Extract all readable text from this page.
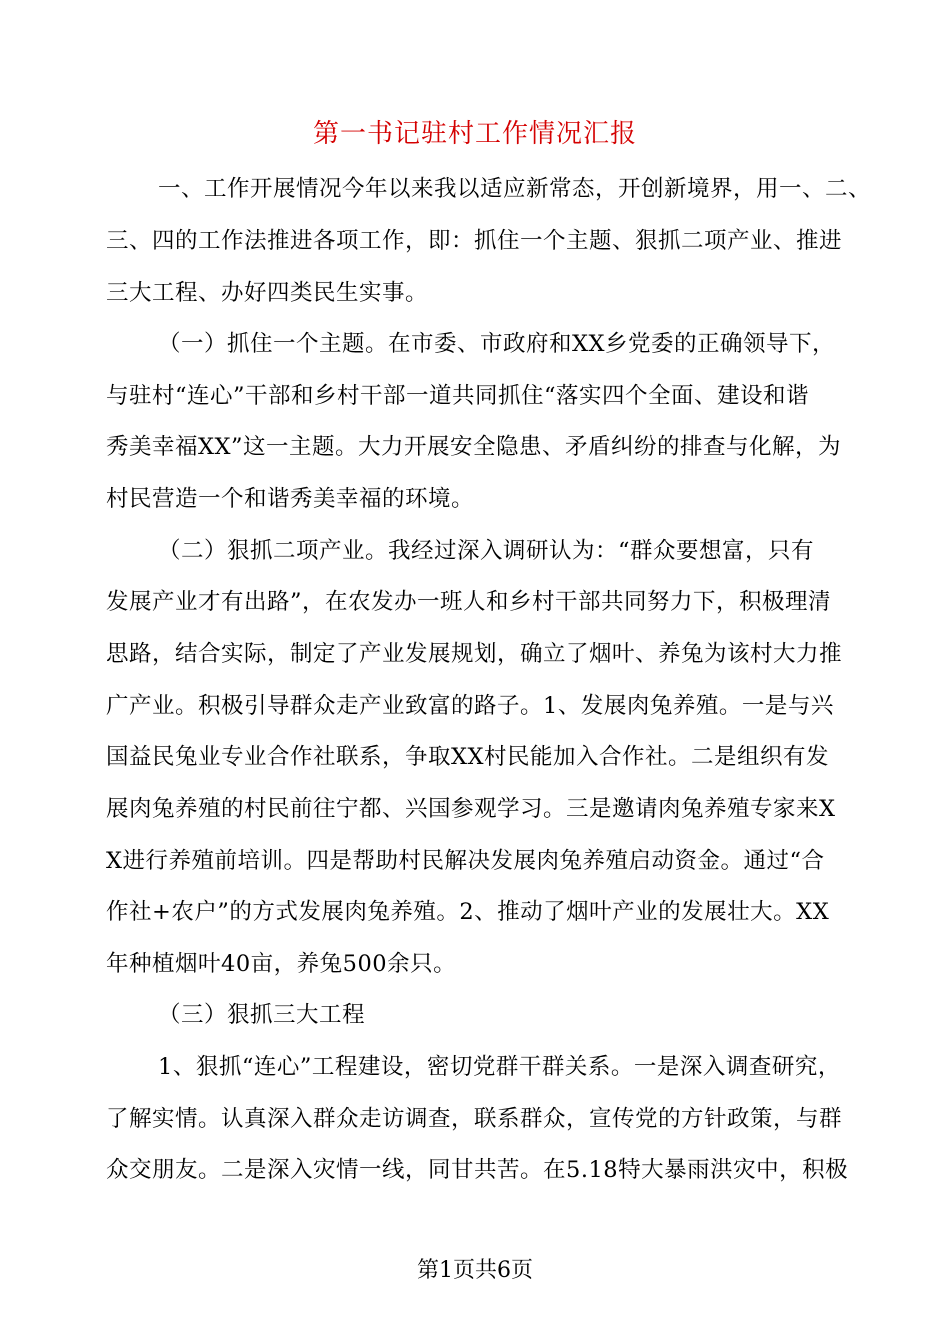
第一书记驻村工作情况汇报
一、工作开展情况今年以来我以适应新常态，开创新境界，用一、二、
三、四的工作法推进各项工作，即：抓住一个主题、狠抓二项产业、推进
三大工程、办好四类民生实事。
（一）抓住一个主题。在市委、市政府和XX乡党委的正确领导下，
与驻村“连心”干部和乡村干部一道共同抓住“落实四个全面、建设和谐
秀美幸福XX”这一主题。大力开展安全隐患、矛盾纠纷的排查与化解，为
村民营造一个和谐秀美幸福的环境。
（二）狠抓二项产业。我经过深入调研认为：“群众要想富，只有
发展产业才有出路”，在农发办一班人和乡村干部共同努力下，积极理清
思路，结合实际，制定了产业发展规划，确立了烟叶、养兔为该村大力推
广产业。积极引导群众走产业致富的路子。1、发展肉兔养殖。一是与兴
国益民兔业专业合作社联系，争取XX村民能加入合作社。二是组织有发
展肉兔养殖的村民前往宁都、兴国参观学习。三是邀请肉兔养殖专家来X
X进行养殖前培训。四是帮助村民解决发展肉兔养殖启动资金。通过“合
作社+农户”的方式发展肉兔养殖。2、推动了烟叶产业的发展壮大。XX
年种植烟叶40亩，养兔500余只。
（三）狠抓三大工程
1、狠抓“连心”工程建设，密切党群干群关系。一是深入调查研究，
了解实情。认真深入群众走访调查，联系群众，宣传党的方针政策，与群
众交朋友。二是深入灾情一线，同甘共苦。在5.18特大暴雨洪灾中，积极
第1页共6页
